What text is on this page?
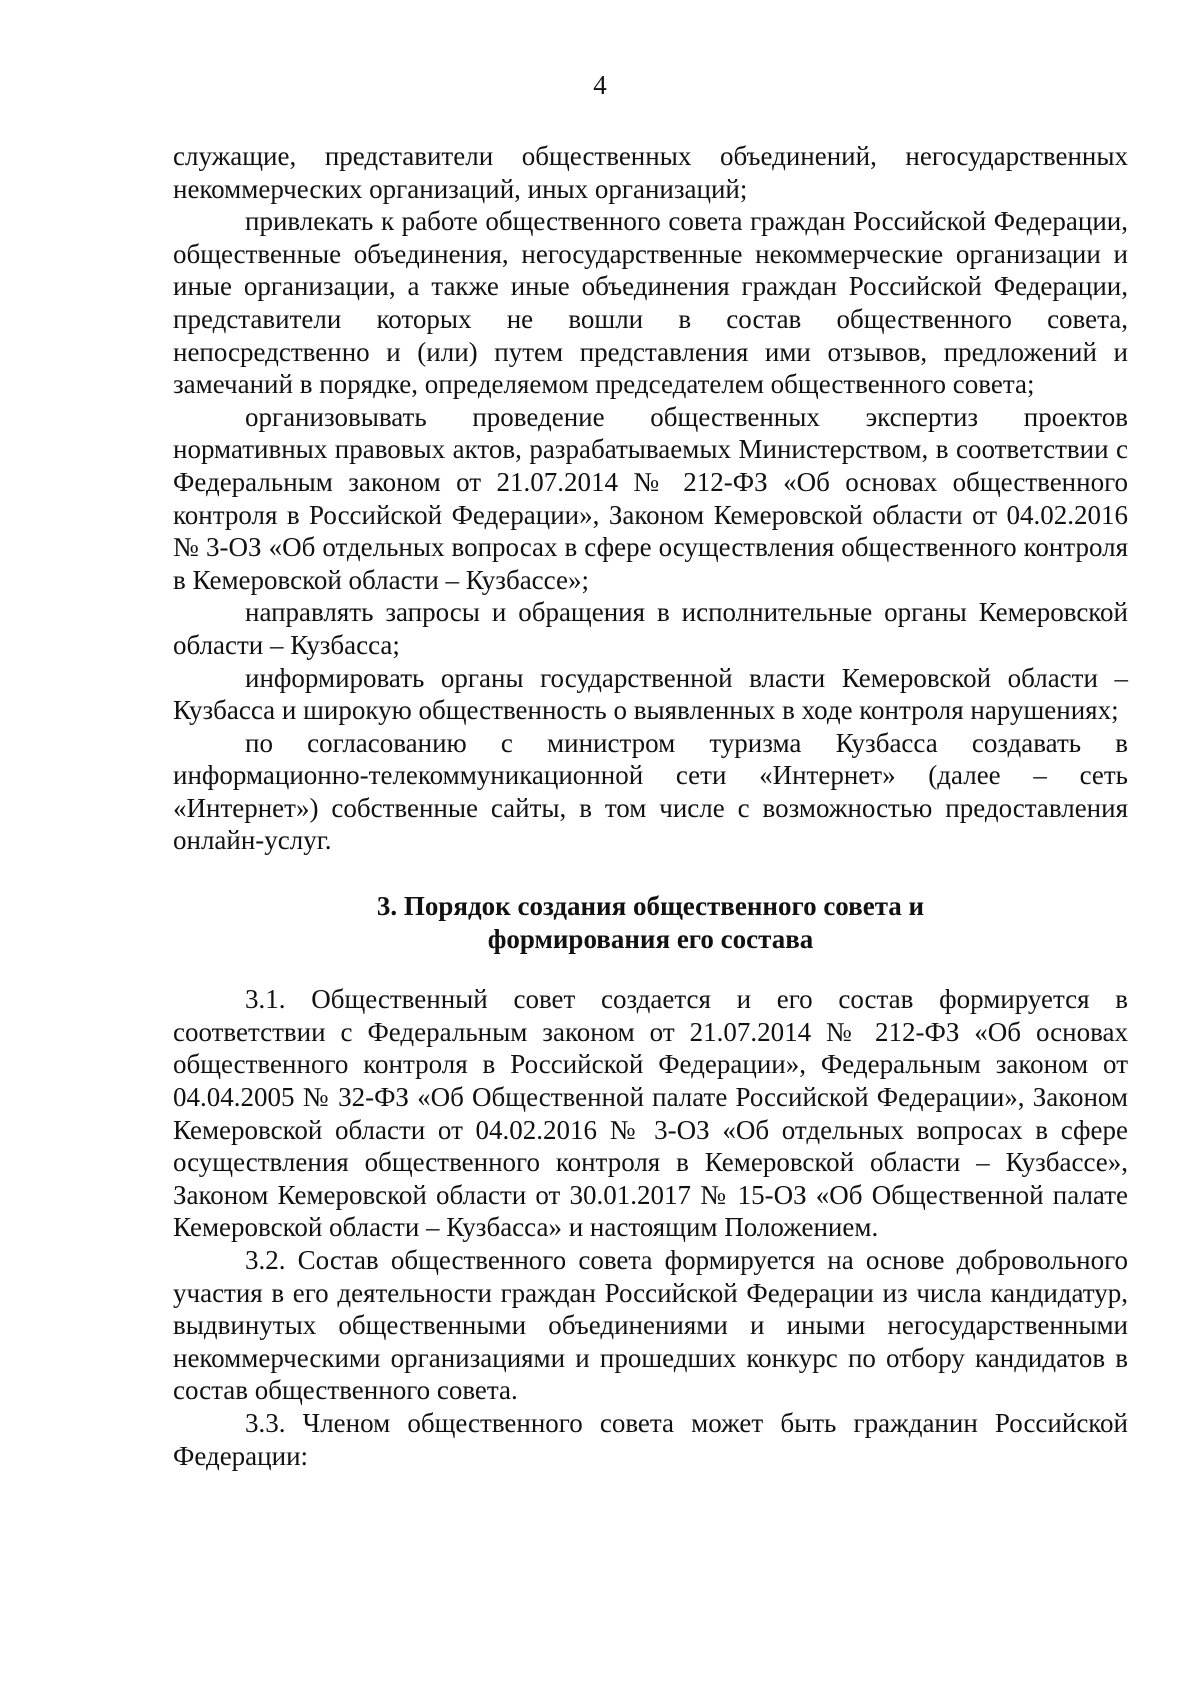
4

служащие, представители общественных объединений, негосударственных некоммерческих организаций, иных организаций;

привлекать к работе общественного совета граждан Российской Федерации, общественные объединения, негосударственные некоммерческие организации и иные организации, а также иные объединения граждан Российской Федерации, представители которых не вошли в состав общественного совета, непосредственно и (или) путем представления ими отзывов, предложений и замечаний в порядке, определяемом председателем общественного совета;

организовывать проведение общественных экспертиз проектов нормативных правовых актов, разрабатываемых Министерством, в соответствии с Федеральным законом от 21.07.2014 № 212-ФЗ «Об основах общественного контроля в Российской Федерации», Законом Кемеровской области от 04.02.2016 № 3-ОЗ «Об отдельных вопросах в сфере осуществления общественного контроля в Кемеровской области – Кузбассе»;

направлять запросы и обращения в исполнительные органы Кемеровской области – Кузбасса;

информировать органы государственной власти Кемеровской области – Кузбасса и широкую общественность о выявленных в ходе контроля нарушениях;

по согласованию с министром туризма Кузбасса создавать в информационно-телекоммуникационной сети «Интернет» (далее – сеть «Интернет») собственные сайты, в том числе с возможностью предоставления онлайн-услуг.

3. Порядок создания общественного совета и
формирования его состава

3.1. Общественный совет создается и его состав формируется в соответствии с Федеральным законом от 21.07.2014 № 212-ФЗ «Об основах общественного контроля в Российской Федерации», Федеральным законом от 04.04.2005 № 32-ФЗ «Об Общественной палате Российской Федерации», Законом Кемеровской области от 04.02.2016 № 3-ОЗ «Об отдельных вопросах в сфере осуществления общественного контроля в Кемеровской области – Кузбассе», Законом Кемеровской области от 30.01.2017 № 15-ОЗ «Об Общественной палате Кемеровской области – Кузбасса» и настоящим Положением.

3.2. Состав общественного совета формируется на основе добровольного участия в его деятельности граждан Российской Федерации из числа кандидатур, выдвинутых общественными объединениями и иными негосударственными некоммерческими организациями и прошедших конкурс по отбору кандидатов в состав общественного совета.

3.3. Членом общественного совета может быть гражданин Российской Федерации:
